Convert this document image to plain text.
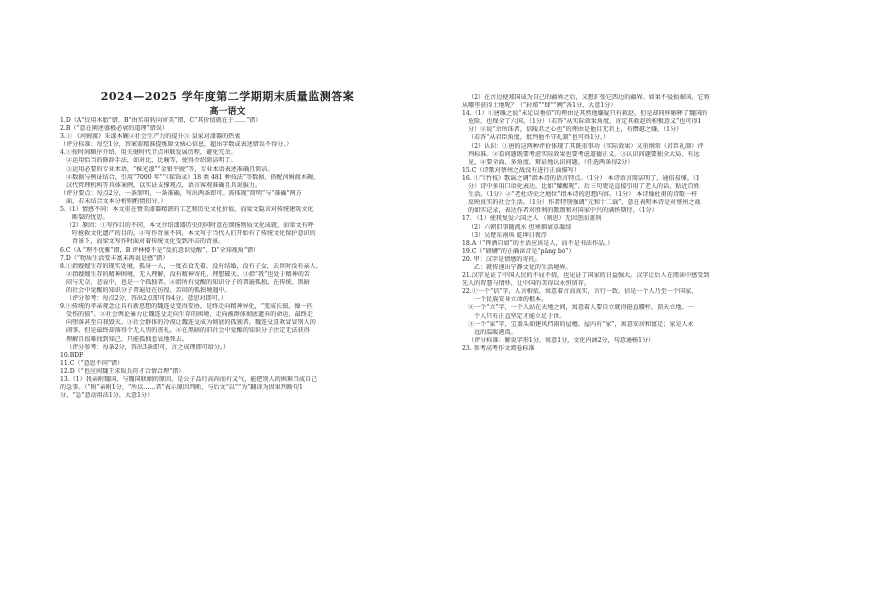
2024—2025 学年度第二学期期末质量监测答案
高一语文
1.D（A“仅用木胎”错，B“由实用转向审美”错，C“其价值就在于……”错）
2.B（“意在阐述盛极必衰的道理”错误）
3.① 《河姆渡》朱漆木碗②社会生产力的提升③ 皇家对漆器的热衷
（评分标准：每空1分，答案需精准提炼原文核心信息，超出字数或表述错误不得分。）
4.①按时间顺序介绍，用关键时代节点串联发展历程，避免冗余。
②运用恰当的修辞手法，如对比、比喻等，使得介绍简洁明了。
③运用必要的专业术语，“推光漆”“金银平脱”等，专业术语表述准确且简洁。
④数据与例证结合，引用“7000 年”“《髹饰录》18 类 481 种技法”等数据，搭配河姆渡木碗、
汉代管理机构等具体案例，以实证支撑观点，语言客观准确且具说服力。
（评分要点：每点2分，一条简明、一条准确，写出两条即可。需体现“简明”与“准确”两方
面，若未结合文本分析则酌情扣分。）
5.（1）情感不同：本文重在赞美漆器精湛的工艺和历史文化价值，而梁文隐含对传统建筑文化
断裂的忧思。
（2）原因：①写作目的不同，本文介绍漆器历史的同时意在颂扬物质文化成就，而梁文有呼
吁抢救文化遗产的目的。②写作背景不同，本文写于当代人们开始有了传统文化保护意识的
背景下，而梁文写作时面对着传统文化受到冲击的背景。
6.C（A “理不优雅”错，B 评林楼不是“反抗意识觉醒”，D“全知视角”错）
7.D（“物质生活变丰富未再说是感”错）
8.①指嫂嫂生存的现实处境，孤身一人，一度衣食无着，没有结婚，没有子女，去世时没有亲人。
②指嫂嫂生存的精神困境，无人理解，没有精神寄托，理想破灭。③指“我”也处于精神的苦
闷与无奈，悲哀中，也是一个孤独者。④指所有觉醒的知识分子的普遍孤独。在传统、黑暗
的社会中觉醒的知识分子普遍处在彷徨、苦闷的孤独境遇中。
（评分参考：每点2分，答出2点即可得4分。意思对即可。）
9.①传统的孝亲观念让具有新思想的魏连殳变得妥协，是终走向精神异化，“变成长狼，像一匹
受伤的狼”。②社会舆论暴力让魏连殳走向生存的困境，走向被群体彻底遗弃的命运，最终走
向堕落甚至自我毁灭。③社会群体的冷漠让魏连殳成为彻底的孤独者。魏连殳喜欢冒冒别人的
闹事，但是最终却落得个无人男的丧礼。④在黑暗的旧社会中觉醒的知识分子注定无法获得
理解且很难找到知己，只能孤独悲哀地死去。
（评分参考：每条2分，答出3条即可，言之成理即可给分。）
10.BDF
11.C（“意思不同”错）
12.D（“也应间魏王求取兵符才合情合理”错）
13.（1）我亲附魏国，与魏国联姻的原因，是公子品行高尚而有义气，能把别人的困难当成自己
的急事。（“附”亲附1分，“所以……者”表示原因判断，与后文“以”“为”翻译为因果判断句1
分，“急”意动用法1分，大意1分）
（2）在古边使郑国成为自己的疆界之后，又想扩张它西边的疆界。如果不侵损秦国，它将
从哪里获得土地呢？（“封郑”“肆”“阙”各1分，大意1分）
14.（1）①唐雎之说“未足以垂信”的理由是其然他嫌疑只有救赵，但是却同样解释了魏国的
危险，也保全了六国。（1分）（若答“从实际效果角度，肯定其救赵的积极意义”也可得1
分）②说“余所诛者，信陵君之心也”的理由是他目无君上，有僭越之嫌。（1分）
（若答“从君臣角度，批判他不守礼制”也可得1分。）
（2）认识：①唐的这两种评价体现了其既重事功（实际效果）又重纲常（君臣礼制）评
判标准。②看问题既要考虑实际效果也要考虑道德正义。③认识问题要独全大局，有远
见，④要全面、多角度、辩证地认识问题。（任选两条得2分）
15.C（诗歌对蔡州之战没有进行正面描写）
16. ①“《竹枝》歌谣之调”指本诗的语言特点。（1分） 本诗语言简洁明了，通俗易懂。（1
分）诗中多用口语化表达，比如“耀醒呢”，后三句更是直接引用了老人的话，贴近百姓
生活。（1分）②“老杜诗史之地位”指本诗的思想内容。（1分） 本诗像杜甫的诗歌一样
反映真实的社会生活。（1分）作者特别强调“元和十二载”，意在表明本诗是对蔡州之战
的如实记录，表达作者对胜利的歌颂和对国家中兴的满怀期待。（1分）
17. （1）使我复爱六国之人 （则思）无因怨而盖刑
（2）六朝旧事随流水 但寒烟衰草凝绿
（3）吴楚东南坼 乾坤日夜浮
18.A（“挥洒自如”的主语应该是人，而不是书法作品。）
19.C（“磅礴”的正确读音是“pāng bó”）
20. 甲：汉字是情感的寄托。
乙：就传递出宁静文化的生活境界。
21.汉字见证了中国人民的不屈不挠，也见证了国家的日益强大。汉字让后人在阅读中感受到
先人的智慧与情怀，让中国的美得以永恒留存。
22.①一个“信”字，人言相依，寓意着言而真实，言行一致。信是一个人乃至一个国家、
一个民族安身立命的根本。
②一个“立”字，一个人站在天地之间，寓意着人要自立就得挺直腰杆，顶天立地。一
个人只有正直坚定才能立足于世。
③一个“家”字，宝盖头如建风挡雨的屋檐，屋内有“家”，寓意安居和富足；家是人永
远的温暖港湾。
（评分标准：解说字形1分，寓意1分，文化内涵2分，句意通畅1分）
23. 参考高考作文阅卷标准
